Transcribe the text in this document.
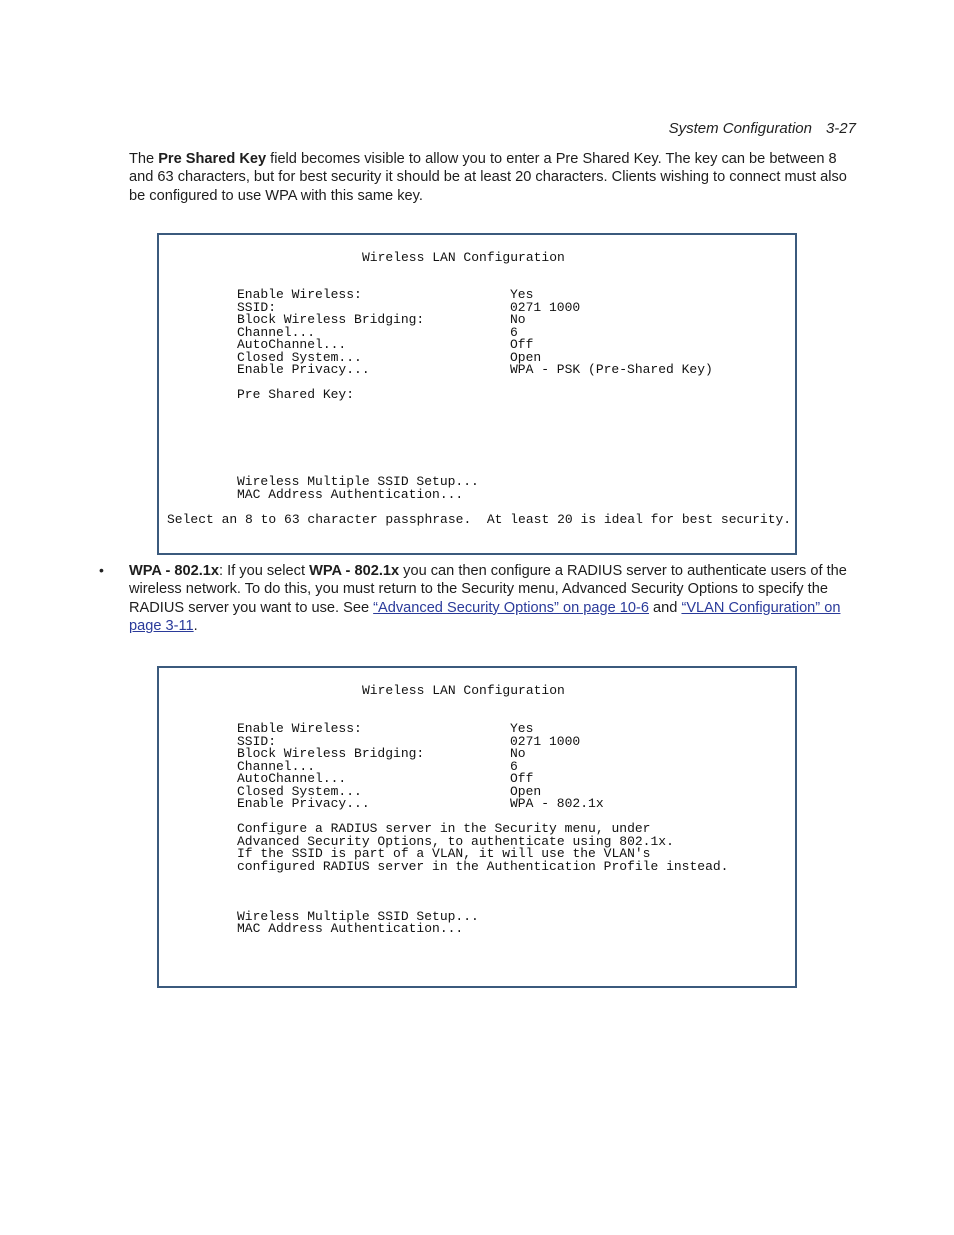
System Configuration 3-27
The Pre Shared Key field becomes visible to allow you to enter a Pre Shared Key. The key can be between 8 and 63 characters, but for best security it should be at least 20 characters. Clients wishing to connect must also be configured to use WPA with this same key.
Wireless LAN Configuration
Enable Wireless:	Yes
SSID:	0271 1000
Block Wireless Bridging:	No
Channel...	6
AutoChannel...	Off
Closed System...	Open
Enable Privacy...	WPA - PSK (Pre-Shared Key)
Pre Shared Key:
Wireless Multiple SSID Setup...
MAC Address Authentication...
Select an 8 to 63 character passphrase.  At least 20 is ideal for best security.
• WPA - 802.1x: If you select WPA - 802.1x you can then configure a RADIUS server to authenticate users of the wireless network. To do this, you must return to the Security menu, Advanced Security Options to specify the RADIUS server you want to use. See “Advanced Security Options” on page 10-6 and “VLAN Configuration” on page 3-11.
Wireless LAN Configuration
Enable Wireless:	Yes
SSID:	0271 1000
Block Wireless Bridging:	No
Channel...	6
AutoChannel...	Off
Closed System...	Open
Enable Privacy...	WPA - 802.1x
Configure a RADIUS server in the Security menu, under
Advanced Security Options, to authenticate using 802.1x.
If the SSID is part of a VLAN, it will use the VLAN's
configured RADIUS server in the Authentication Profile instead.
Wireless Multiple SSID Setup...
MAC Address Authentication...
